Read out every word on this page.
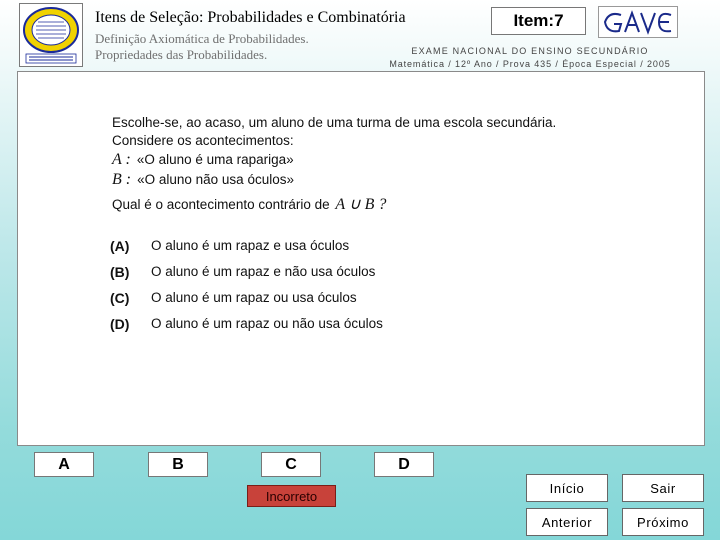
Itens de Seleção: Probabilidades e Combinatória
Definição Axiomática de Probabilidades.
Propriedades das Probabilidades.
Item:7
EXAME NACIONAL DO ENSINO SECUNDÁRIO
Matemática / 12º Ano / Prova 435 / Época Especial / 2005
Escolhe-se, ao acaso, um aluno de uma turma de uma escola secundária.
Considere os acontecimentos:
A : «O aluno é uma rapariga»
B : «O aluno não usa óculos»
Qual é o acontecimento contrário de A ∪ B ?
(A) O aluno é um rapaz e usa óculos
(B) O aluno é um rapaz e não usa óculos
(C) O aluno é um rapaz ou usa óculos
(D) O aluno é um rapaz ou não usa óculos
A	B	C	D
Incorreto
Início	Sair
Anterior	Próximo
